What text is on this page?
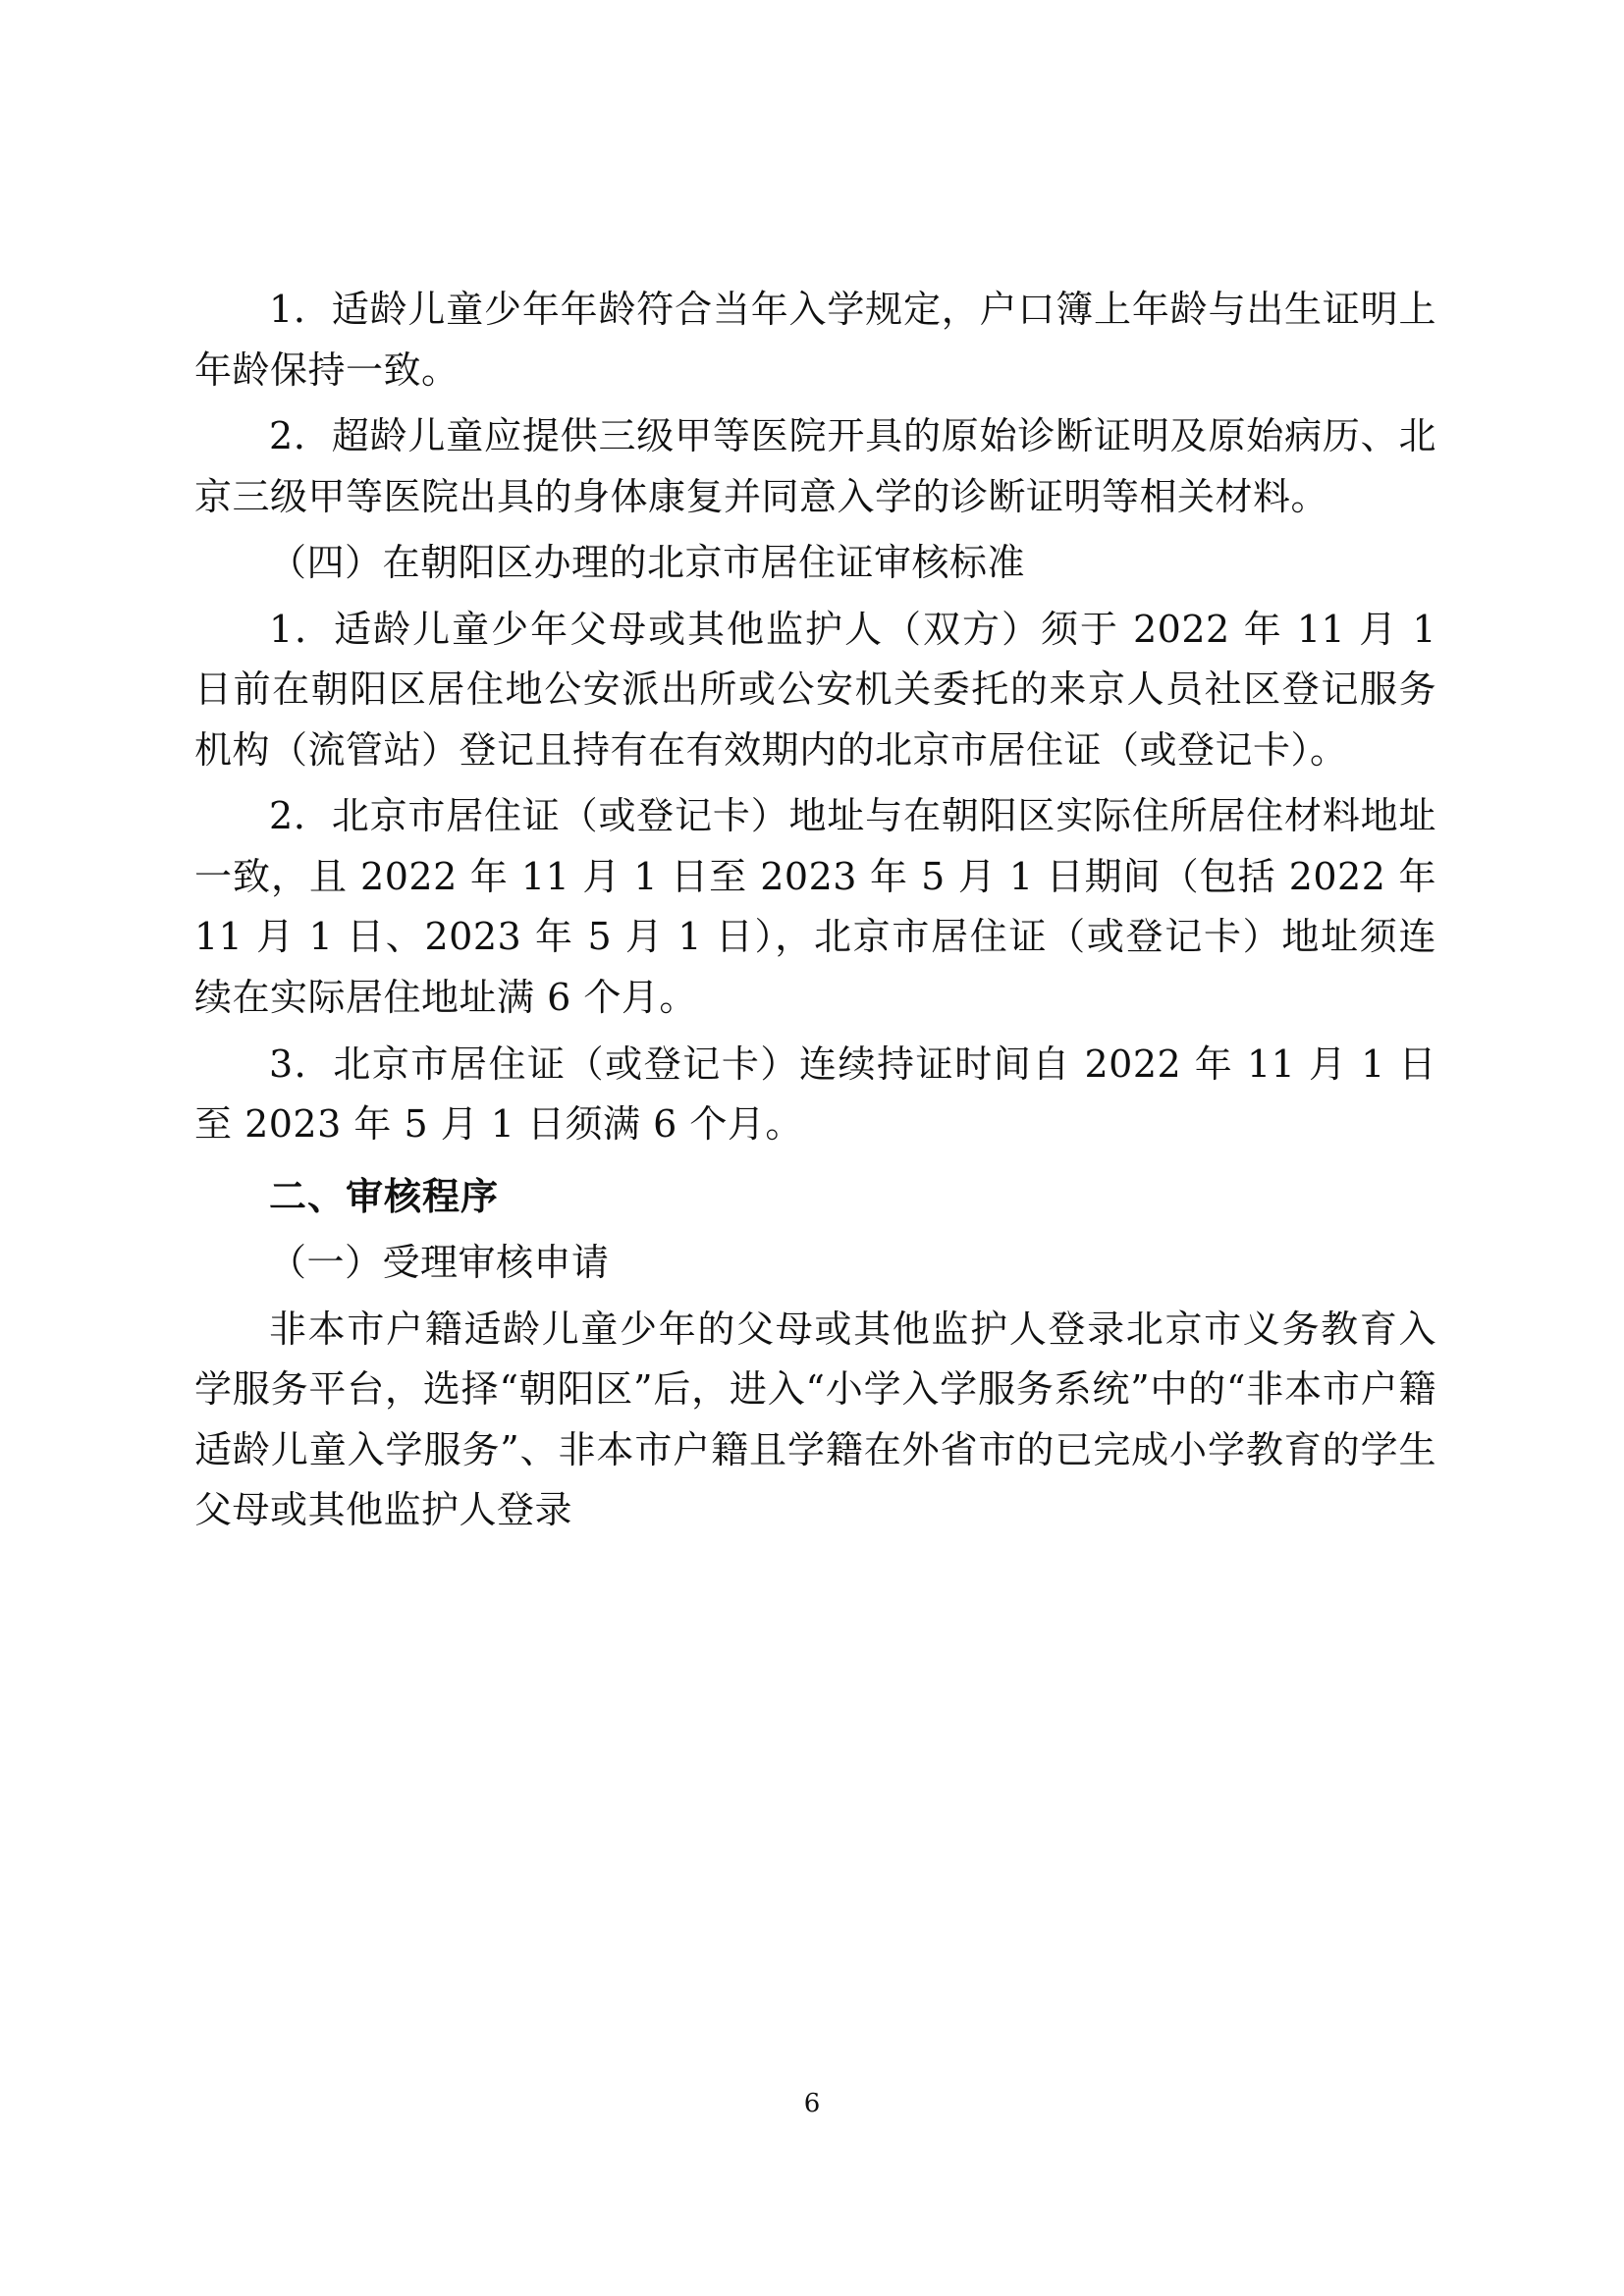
1．适龄儿童少年年龄符合当年入学规定，户口簿上年龄与出生证明上年龄保持一致。

2．超龄儿童应提供三级甲等医院开具的原始诊断证明及原始病历、北京三级甲等医院出具的身体康复并同意入学的诊断证明等相关材料。

（四）在朝阳区办理的北京市居住证审核标准

1．适龄儿童少年父母或其他监护人（双方）须于 2022 年 11 月 1 日前在朝阳区居住地公安派出所或公安机关委托的来京人员社区登记服务机构（流管站）登记且持有在有效期内的北京市居住证（或登记卡）。

2．北京市居住证（或登记卡）地址与在朝阳区实际住所居住材料地址一致，且 2022 年 11 月 1 日至 2023 年 5 月 1 日期间（包括 2022 年 11 月 1 日、2023 年 5 月 1 日），北京市居住证（或登记卡）地址须连续在实际居住地址满 6 个月。

3．北京市居住证（或登记卡）连续持证时间自 2022 年 11 月 1 日至 2023 年 5 月 1 日须满 6 个月。

二、审核程序

（一）受理审核申请

非本市户籍适龄儿童少年的父母或其他监护人登录北京市义务教育入学服务平台，选择“朝阳区”后，进入“小学入学服务系统”中的“非本市户籍适龄儿童入学服务”、非本市户籍且学籍在外省市的已完成小学教育的学生父母或其他监护人登录

6
